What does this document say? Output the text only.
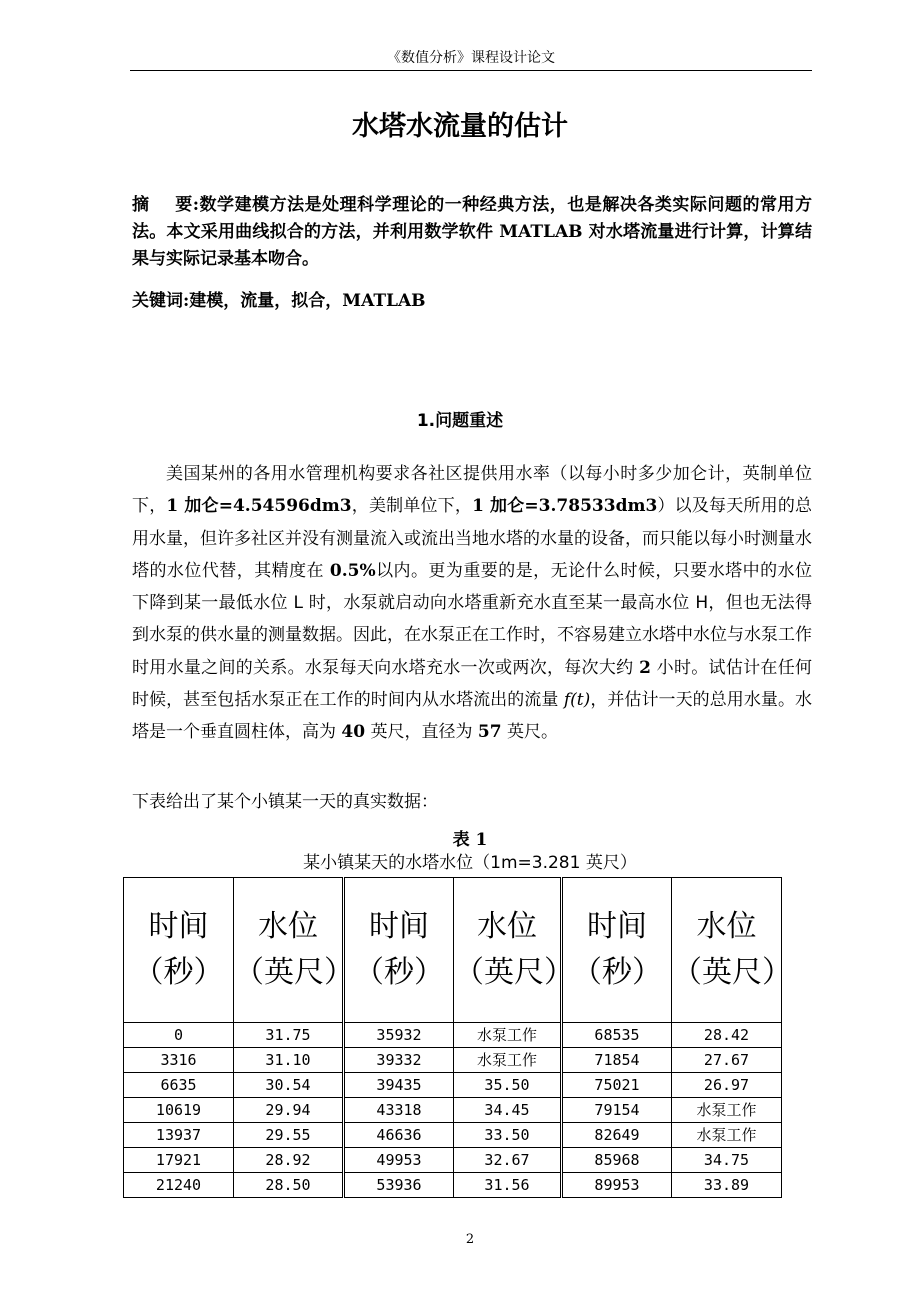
《数值分析》课程设计论文
水塔水流量的估计
摘    要:数学建模方法是处理科学理论的一种经典方法，也是解决各类实际问题的常用方法。本文采用曲线拟合的方法，并利用数学软件 MATLAB 对水塔流量进行计算，计算结果与实际记录基本吻合。
关键词:建模，流量，拟合，MATLAB
1.问题重述
美国某州的各用水管理机构要求各社区提供用水率（以每小时多少加仑计，英制单位下，1 加仑=4.54596dm3，美制单位下，1 加仑=3.78533dm3）以及每天所用的总用水量，但许多社区并没有测量流入或流出当地水塔的水量的设备，而只能以每小时测量水塔的水位代替，其精度在 0.5%以内。更为重要的是，无论什么时候，只要水塔中的水位下降到某一最低水位 L 时，水泵就启动向水塔重新充水直至某一最高水位 H，但也无法得到水泵的供水量的测量数据。因此，在水泵正在工作时，不容易建立水塔中水位与水泵工作时用水量之间的关系。水泵每天向水塔充水一次或两次，每次大约 2 小时。试估计在任何时候，甚至包括水泵正在工作的时间内从水塔流出的流量 f(t)，并估计一天的总用水量。水塔是一个垂直圆柱体，高为 40 英尺，直径为 57 英尺。
下表给出了某个小镇某一天的真实数据：
表 1
某小镇某天的水塔水位（1m=3.281 英尺）
时间（秒）	水位（英尺）	时间（秒）	水位（英尺）	时间（秒）	水位（英尺）
0	31.75	35932	水泵工作	68535	28.42
3316	31.10	39332	水泵工作	71854	27.67
6635	30.54	39435	35.50	75021	26.97
10619	29.94	43318	34.45	79154	水泵工作
13937	29.55	46636	33.50	82649	水泵工作
17921	28.92	49953	32.67	85968	34.75
21240	28.50	53936	31.56	89953	33.89
2
